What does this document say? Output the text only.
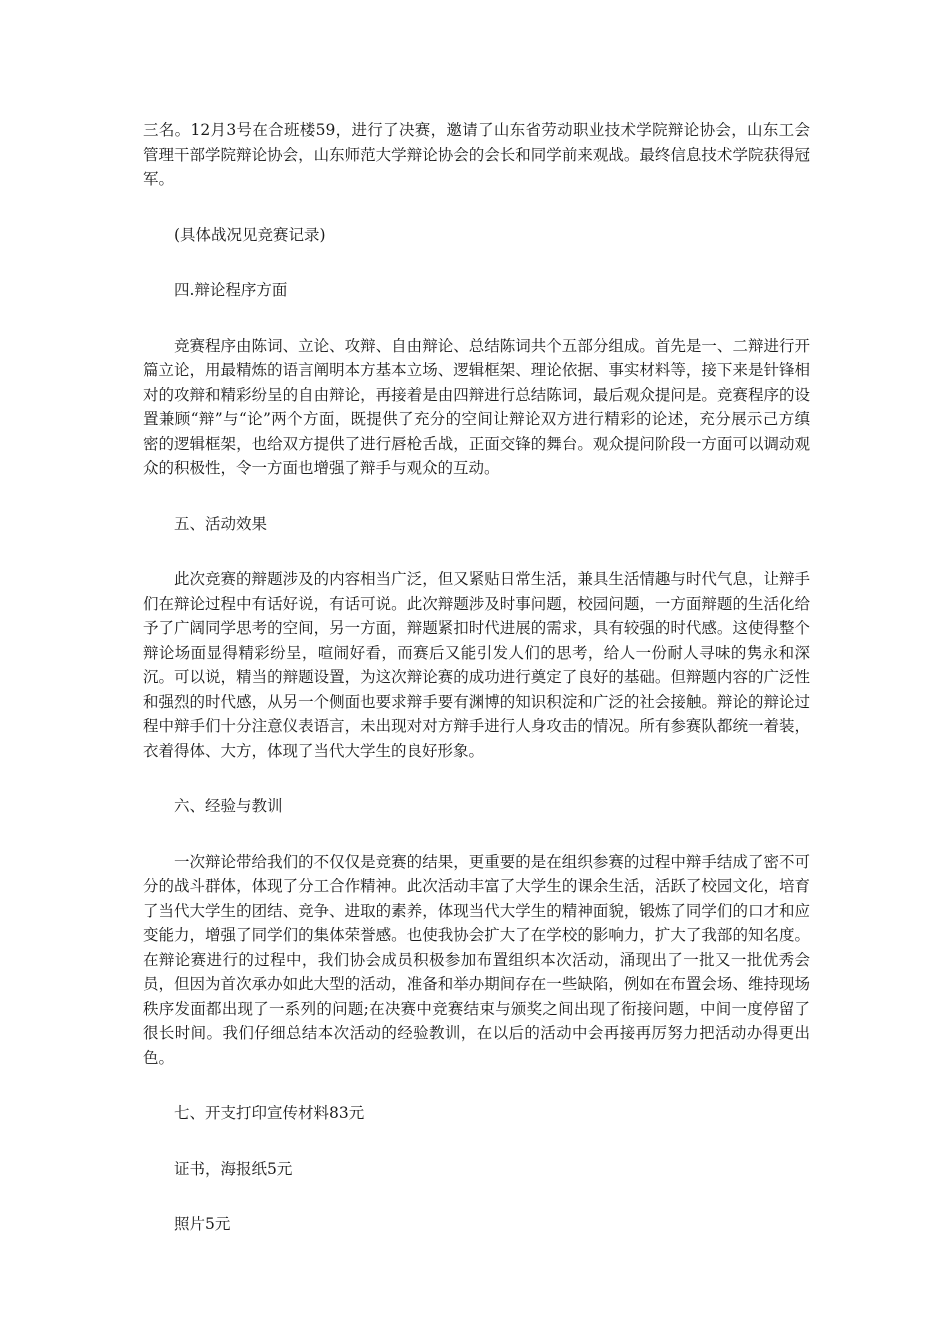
三名。12月3号在合班楼59，进行了决赛，邀请了山东省劳动职业技术学院辩论协会，山东工会管理干部学院辩论协会，山东师范大学辩论协会的会长和同学前来观战。最终信息技术学院获得冠军。

(具体战况见竞赛记录)

四.辩论程序方面

竞赛程序由陈词、立论、攻辩、自由辩论、总结陈词共个五部分组成。首先是一、二辩进行开篇立论，用最精炼的语言阐明本方基本立场、逻辑框架、理论依据、事实材料等，接下来是针锋相对的攻辩和精彩纷呈的自由辩论，再接着是由四辩进行总结陈词，最后观众提问是。竞赛程序的设置兼顾“辩”与“论”两个方面，既提供了充分的空间让辩论双方进行精彩的论述，充分展示己方缜密的逻辑框架，也给双方提供了进行唇枪舌战，正面交锋的舞台。观众提问阶段一方面可以调动观众的积极性，令一方面也增强了辩手与观众的互动。

五、活动效果

此次竞赛的辩题涉及的内容相当广泛，但又紧贴日常生活，兼具生活情趣与时代气息，让辩手们在辩论过程中有话好说，有话可说。此次辩题涉及时事问题，校园问题，一方面辩题的生活化给予了广阔同学思考的空间，另一方面，辩题紧扣时代进展的需求，具有较强的时代感。这使得整个辩论场面显得精彩纷呈，喧闹好看，而赛后又能引发人们的思考，给人一份耐人寻味的隽永和深沉。可以说，精当的辩题设置，为这次辩论赛的成功进行奠定了良好的基础。但辩题内容的广泛性和强烈的时代感，从另一个侧面也要求辩手要有渊博的知识积淀和广泛的社会接触。辩论的辩论过程中辩手们十分注意仪表语言，未出现对对方辩手进行人身攻击的情况。所有参赛队都统一着装，衣着得体、大方，体现了当代大学生的良好形象。

六、经验与教训

一次辩论带给我们的不仅仅是竞赛的结果，更重要的是在组织参赛的过程中辩手结成了密不可分的战斗群体，体现了分工合作精神。此次活动丰富了大学生的课余生活，活跃了校园文化，培育了当代大学生的团结、竞争、进取的素养，体现当代大学生的精神面貌，锻炼了同学们的口才和应变能力，增强了同学们的集体荣誉感。也使我协会扩大了在学校的影响力，扩大了我部的知名度。在辩论赛进行的过程中，我们协会成员积极参加布置组织本次活动，涌现出了一批又一批优秀会员，但因为首次承办如此大型的活动，准备和举办期间存在一些缺陷，例如在布置会场、维持现场秩序发面都出现了一系列的问题;在决赛中竞赛结束与颁奖之间出现了衔接问题，中间一度停留了很长时间。我们仔细总结本次活动的经验教训，在以后的活动中会再接再厉努力把活动办得更出色。

七、开支打印宣传材料83元

证书，海报纸5元

照片5元
